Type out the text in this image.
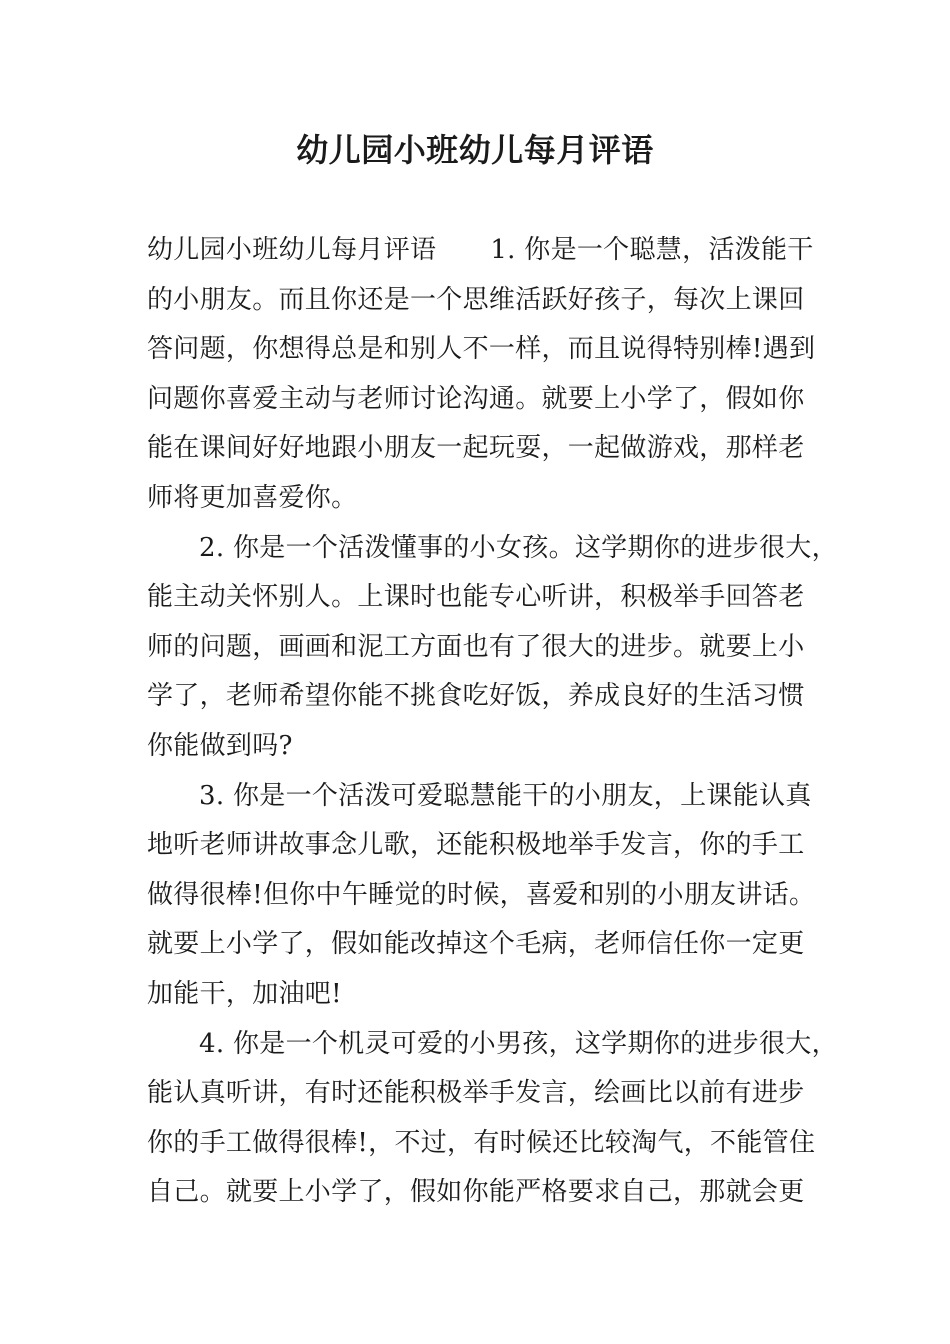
幼儿园小班幼儿每月评语

幼儿园小班幼儿每月评语 1. 你是一个聪慧，活泼能干
的小朋友。而且你还是一个思维活跃好孩子，每次上课回
答问题，你想得总是和别人不一样，而且说得特别棒!遇到
问题你喜爱主动与老师讨论沟通。就要上小学了，假如你
能在课间好好地跟小朋友一起玩耍，一起做游戏，那样老
师将更加喜爱你。

2. 你是一个活泼懂事的小女孩。这学期你的进步很大，
能主动关怀别人。上课时也能专心听讲，积极举手回答老
师的问题，画画和泥工方面也有了很大的进步。就要上小
学了，老师希望你能不挑食吃好饭，养成良好的生活习惯
你能做到吗?

3. 你是一个活泼可爱聪慧能干的小朋友，上课能认真
地听老师讲故事念儿歌，还能积极地举手发言，你的手工
做得很棒!但你中午睡觉的时候，喜爱和别的小朋友讲话。
就要上小学了，假如能改掉这个毛病，老师信任你一定更
加能干，加油吧!

4. 你是一个机灵可爱的小男孩，这学期你的进步很大，
能认真听讲，有时还能积极举手发言，绘画比以前有进步
你的手工做得很棒!，不过，有时候还比较淘气，不能管住
自己。就要上小学了，假如你能严格要求自己，那就会更
